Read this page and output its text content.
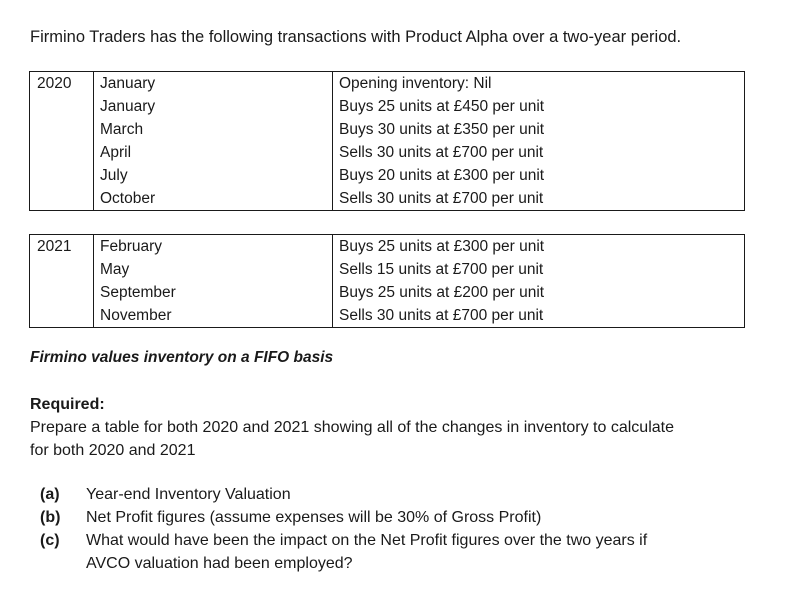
Firmino Traders has the following transactions with Product Alpha over a two-year period.
2020	January	Opening inventory: Nil
	January	Buys 25 units at £450 per unit
	March	Buys 30 units at £350 per unit
	April	Sells 30 units at £700 per unit
	July	Buys 20 units at £300 per unit
	October	Sells 30 units at £700 per unit
2021	February	Buys 25 units at £300 per unit
	May	Sells 15 units at £700 per unit
	September	Buys 25 units at £200 per unit
	November	Sells 30 units at £700 per unit
Firmino values inventory on a FIFO basis
Required:
Prepare a table for both 2020 and 2021 showing all of the changes in inventory to calculate for both 2020 and 2021
(a)	Year-end Inventory Valuation
(b)	Net Profit figures (assume expenses will be 30% of Gross Profit)
(c)	What would have been the impact on the Net Profit figures over the two years if AVCO valuation had been employed?
